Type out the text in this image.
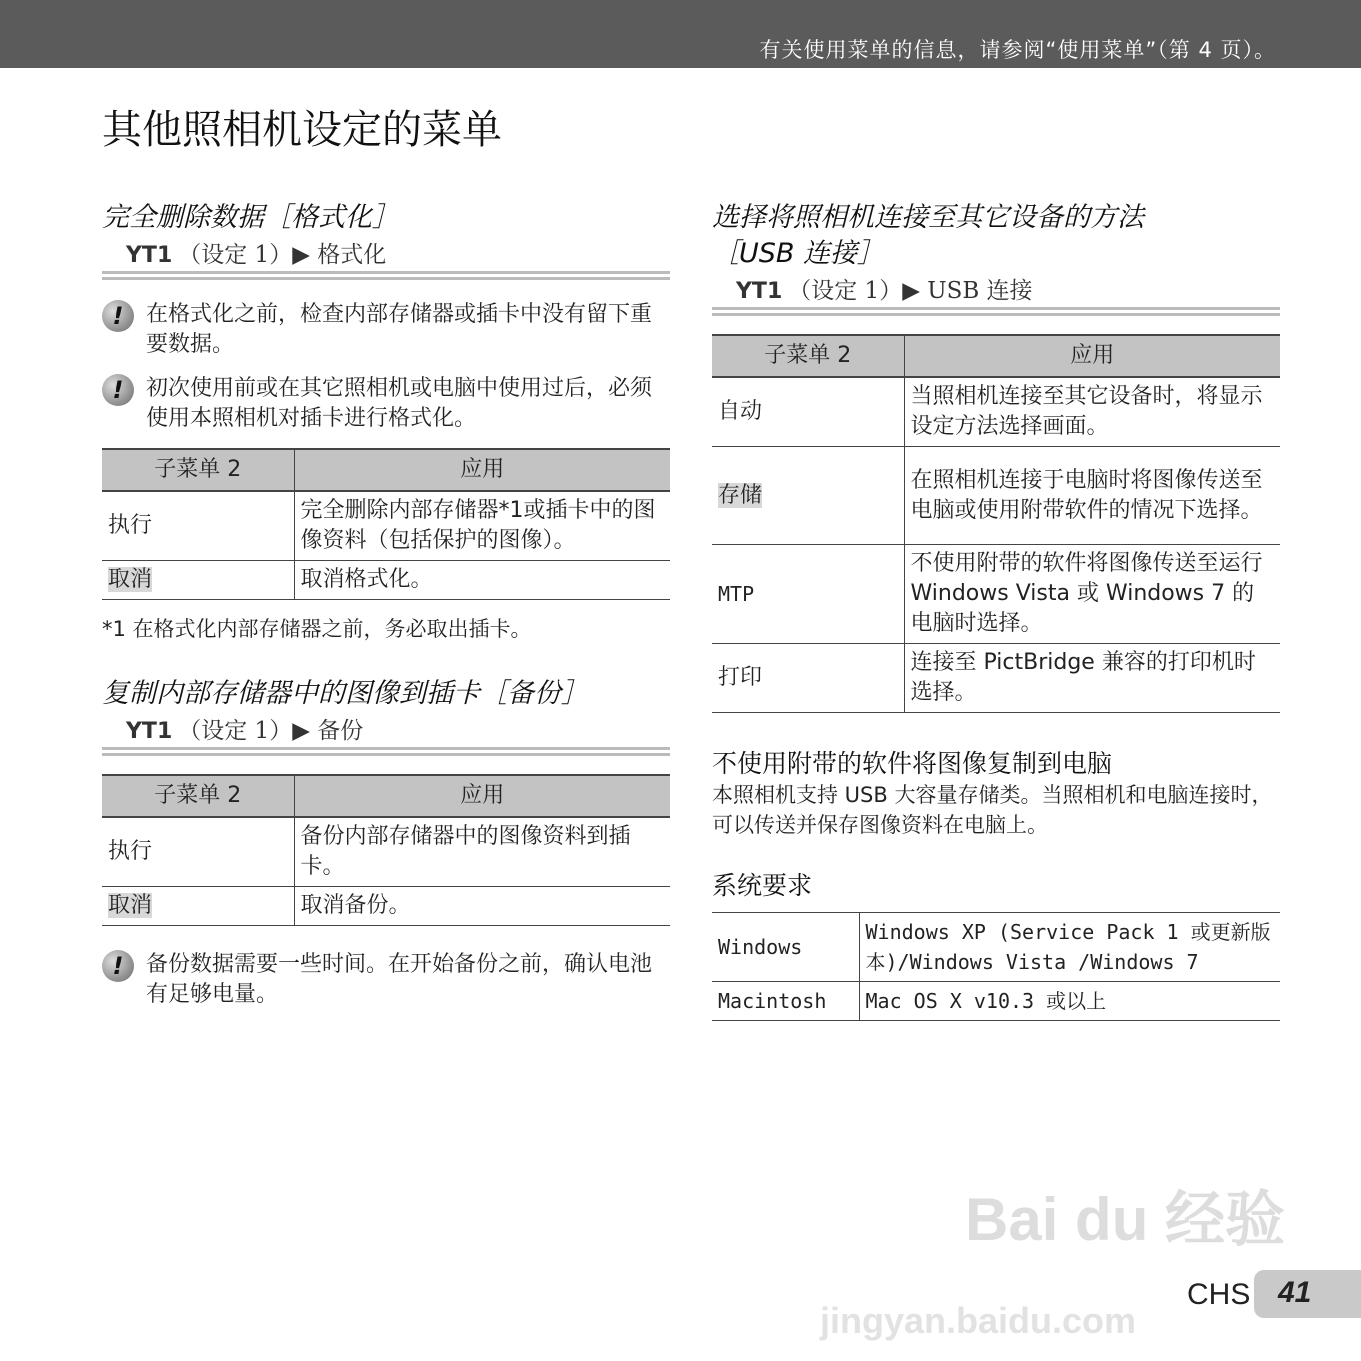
有关使用菜单的信息，请参阅“使用菜单”（第 4 页）。
其他照相机设定的菜单
完全删除数据［格式化］
YT1 （设定 1）▶ 格式化
!	在格式化之前，检查内部存储器或插卡中没有留下重要数据。
!	初次使用前或在其它照相机或电脑中使用过后，必须使用本照相机对插卡进行格式化。
子菜单 2	应用
执行	完全删除内部存储器*1或插卡中的图像资料（包括保护的图像）。
取消	取消格式化。
*1 在格式化内部存储器之前，务必取出插卡。
复制内部存储器中的图像到插卡［备份］
YT1 （设定 1）▶ 备份
子菜单 2	应用
执行	备份内部存储器中的图像资料到插卡。
取消	取消备份。
!	备份数据需要一些时间。在开始备份之前，确认电池有足够电量。
选择将照相机连接至其它设备的方法
［USB 连接］
YT1 （设定 1）▶ USB 连接
子菜单 2	应用
自动	当照相机连接至其它设备时，将显示设定方法选择画面。
存储	在照相机连接于电脑时将图像传送至电脑或使用附带软件的情况下选择。
MTP	不使用附带的软件将图像传送至运行 Windows Vista 或 Windows 7 的电脑时选择。
打印	连接至 PictBridge 兼容的打印机时选择。
不使用附带的软件将图像复制到电脑
本照相机支持 USB 大容量存储类。当照相机和电脑连接时，可以传送并保存图像资料在电脑上。
系统要求
Windows	Windows XP (Service Pack 1 或更新版本)/Windows Vista /Windows 7
Macintosh	Mac OS X v10.3 或以上
Bai du 经验
jingyan.baidu.com
CHS 41
